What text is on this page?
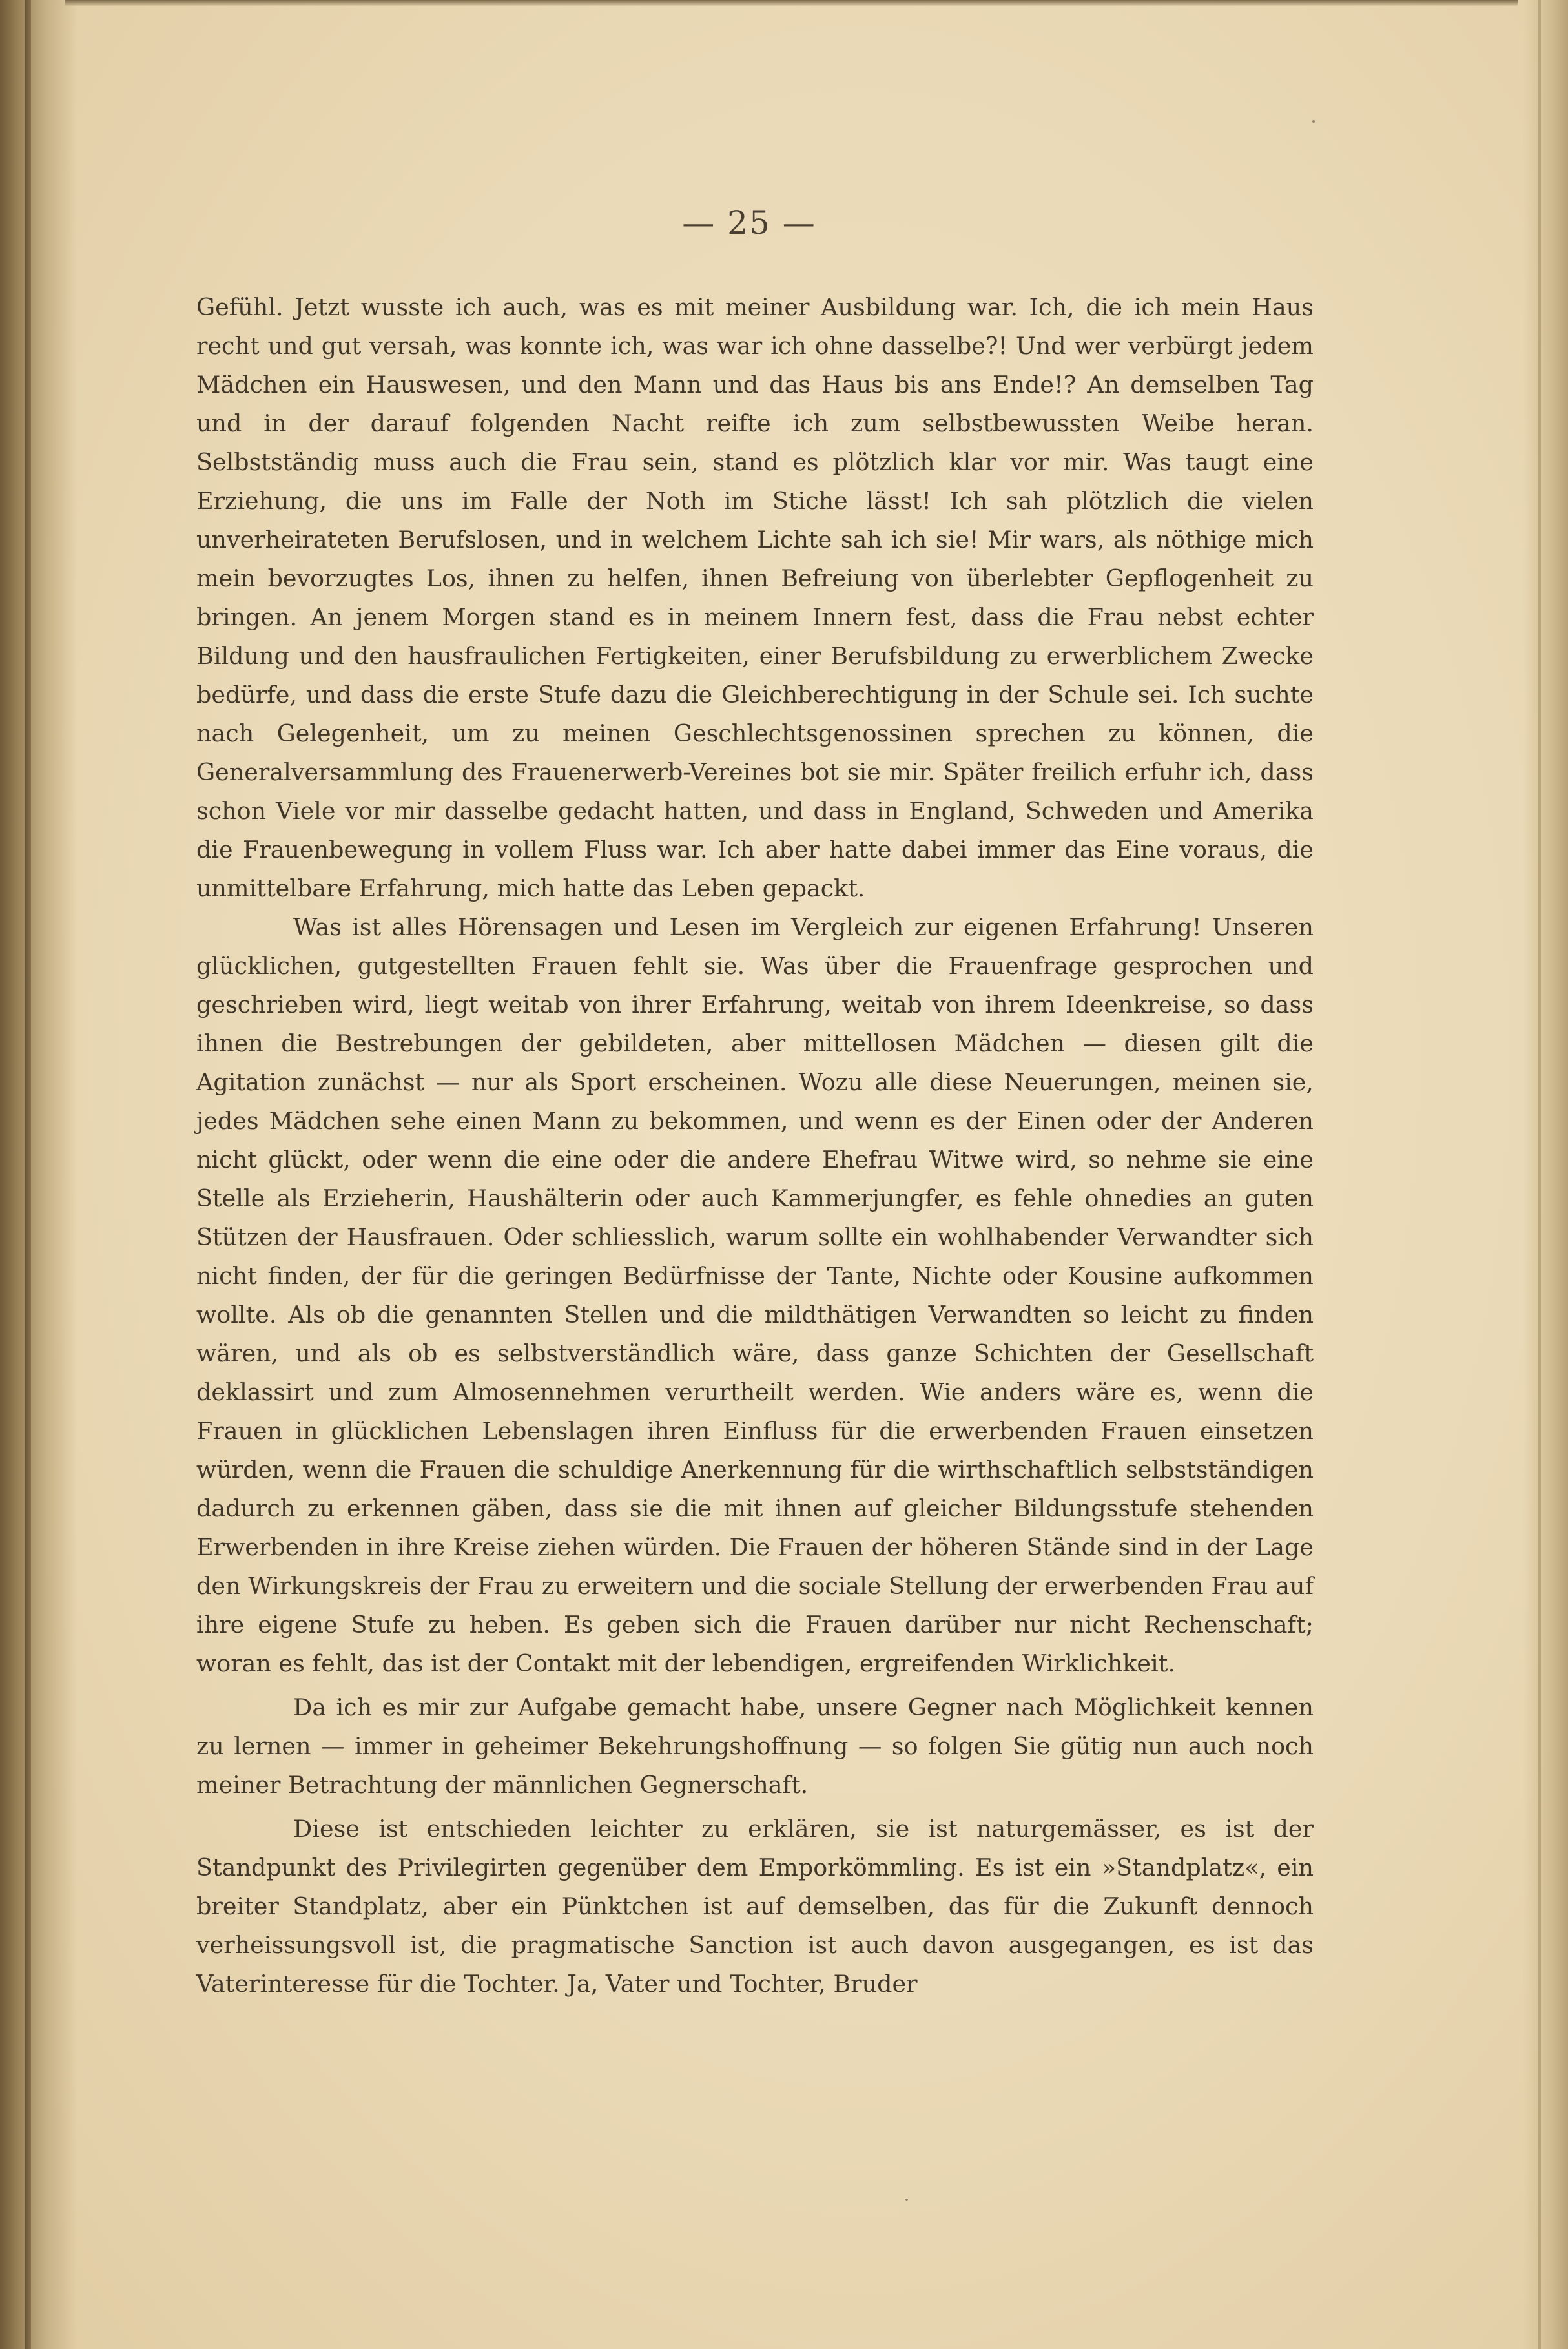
— 25 —

Gefühl. Jetzt wusste ich auch, was es mit meiner Ausbildung war. Ich, die ich mein Haus recht und gut versah, was konnte ich, was war ich ohne dasselbe?! Und wer verbürgt jedem Mädchen ein Hauswesen, und den Mann und das Haus bis ans Ende!? An demselben Tag und in der darauf folgenden Nacht reifte ich zum selbstbewussten Weibe heran. Selbstständig muss auch die Frau sein, stand es plötzlich klar vor mir. Was taugt eine Erziehung, die uns im Falle der Noth im Stiche lässt! Ich sah plötzlich die vielen unverheirateten Berufslosen, und in welchem Lichte sah ich sie! Mir wars, als nöthige mich mein bevorzugtes Los, ihnen zu helfen, ihnen Befreiung von überlebter Gepflogenheit zu bringen. An jenem Morgen stand es in meinem Innern fest, dass die Frau nebst echter Bildung und den hausfraulichen Fertigkeiten, einer Berufsbildung zu erwerblichem Zwecke bedürfe, und dass die erste Stufe dazu die Gleichberechtigung in der Schule sei. Ich suchte nach Gelegenheit, um zu meinen Geschlechtsgenossinen sprechen zu können, die Generalversammlung des Frauenerwerb-Vereines bot sie mir. Später freilich erfuhr ich, dass schon Viele vor mir dasselbe gedacht hatten, und dass in England, Schweden und Amerika die Frauenbewegung in vollem Fluss war. Ich aber hatte dabei immer das Eine voraus, die unmittelbare Erfahrung, mich hatte das Leben gepackt.

Was ist alles Hörensagen und Lesen im Vergleich zur eigenen Erfahrung! Unseren glücklichen, gutgestellten Frauen fehlt sie. Was über die Frauenfrage gesprochen und geschrieben wird, liegt weitab von ihrer Erfahrung, weitab von ihrem Ideenkreise, so dass ihnen die Bestrebungen der gebildeten, aber mittellosen Mädchen — diesen gilt die Agitation zunächst — nur als Sport erscheinen. Wozu alle diese Neuerungen, meinen sie, jedes Mädchen sehe einen Mann zu bekommen, und wenn es der Einen oder der Anderen nicht glückt, oder wenn die eine oder die andere Ehefrau Witwe wird, so nehme sie eine Stelle als Erzieherin, Haushälterin oder auch Kammerjungfer, es fehle ohnedies an guten Stützen der Hausfrauen. Oder schliesslich, warum sollte ein wohlhabender Verwandter sich nicht finden, der für die geringen Bedürfnisse der Tante, Nichte oder Kousine aufkommen wollte. Als ob die genannten Stellen und die mildthätigen Verwandten so leicht zu finden wären, und als ob es selbstverständlich wäre, dass ganze Schichten der Gesellschaft deklassirt und zum Almosennehmen verurtheilt werden. Wie anders wäre es, wenn die Frauen in glücklichen Lebenslagen ihren Einfluss für die erwerbenden Frauen einsetzen würden, wenn die Frauen die schuldige Anerkennung für die wirthschaftlich selbstständigen dadurch zu erkennen gäben, dass sie die mit ihnen auf gleicher Bildungsstufe stehenden Erwerbenden in ihre Kreise ziehen würden. Die Frauen der höheren Stände sind in der Lage den Wirkungskreis der Frau zu erweitern und die sociale Stellung der erwerbenden Frau auf ihre eigene Stufe zu heben. Es geben sich die Frauen darüber nur nicht Rechenschaft; woran es fehlt, das ist der Contakt mit der lebendigen, ergreifenden Wirklichkeit.

Da ich es mir zur Aufgabe gemacht habe, unsere Gegner nach Möglichkeit kennen zu lernen — immer in geheimer Bekehrungshoffnung — so folgen Sie gütig nun auch noch meiner Betrachtung der männlichen Gegnerschaft.

Diese ist entschieden leichter zu erklären, sie ist naturgemässer, es ist der Standpunkt des Privilegirten gegenüber dem Emporkömmling. Es ist ein »Standplatz«, ein breiter Standplatz, aber ein Pünktchen ist auf demselben, das für die Zukunft dennoch verheissungsvoll ist, die pragmatische Sanction ist auch davon ausgegangen, es ist das Vaterinteresse für die Tochter. Ja, Vater und Tochter, Bruder
